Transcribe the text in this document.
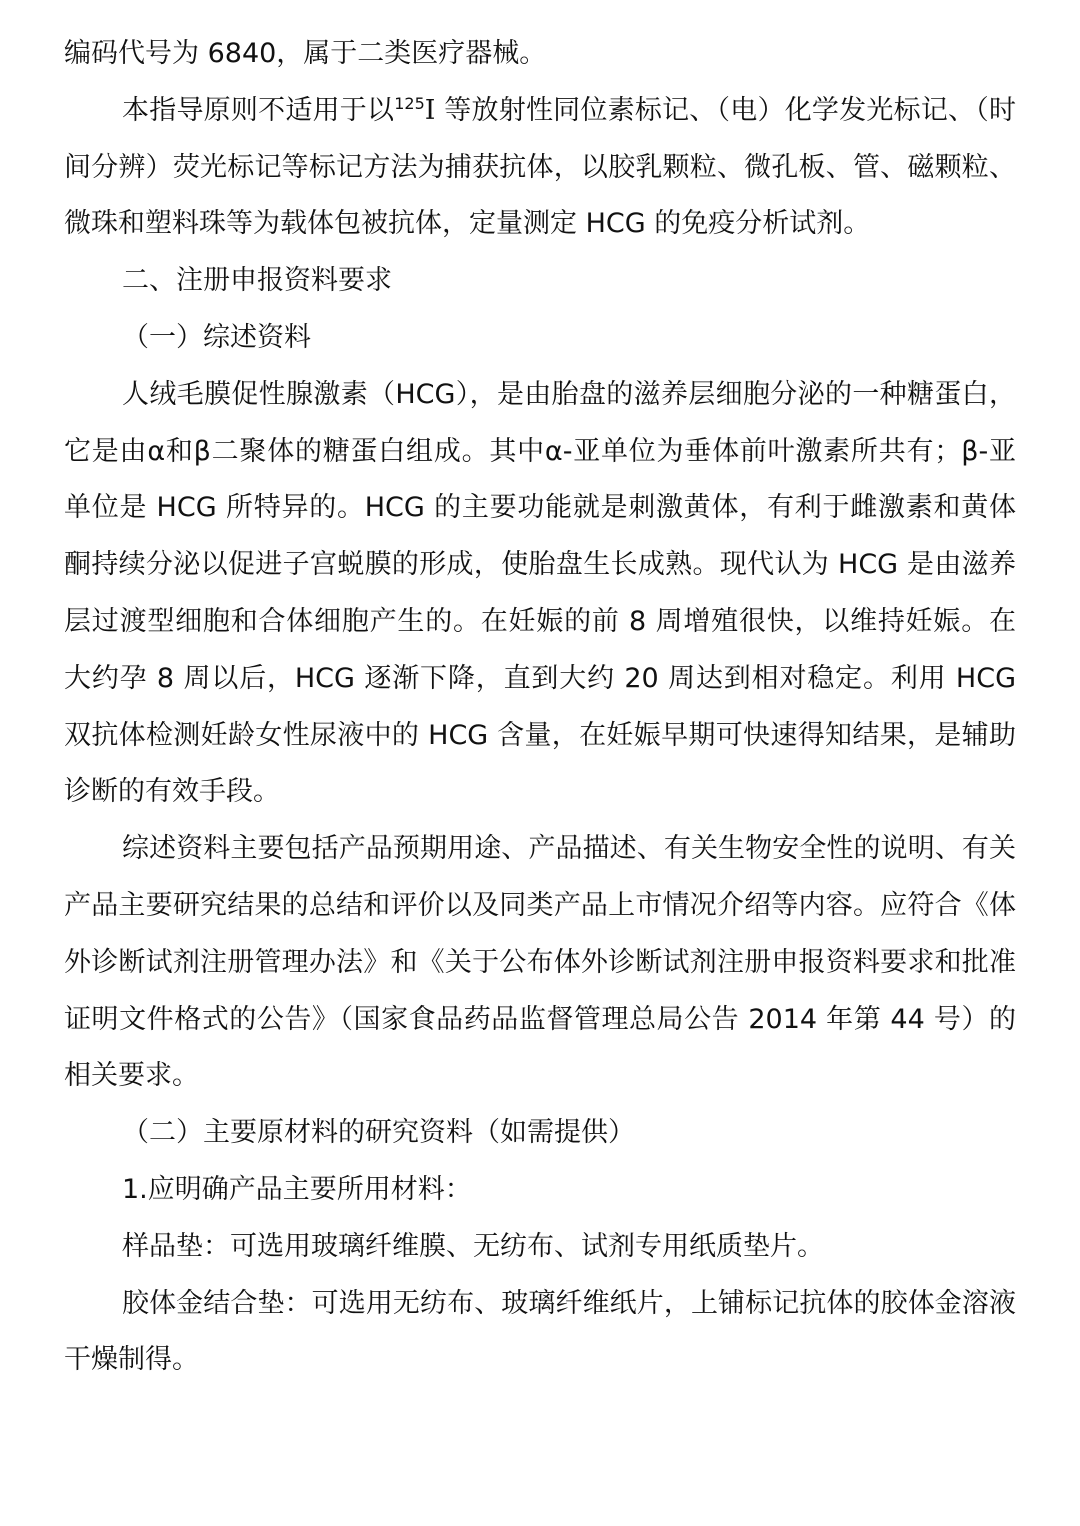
编码代号为 6840，属于二类医疗器械。

本指导原则不适用于以$^{125}$I 等放射性同位素标记、（电）化学发光标记、（时间分辨）荧光标记等标记方法为捕获抗体，以胶乳颗粒、微孔板、管、磁颗粒、微珠和塑料珠等为载体包被抗体，定量测定 HCG 的免疫分析试剂。

二、注册申报资料要求

（一）综述资料

人绒毛膜促性腺激素（HCG），是由胎盘的滋养层细胞分泌的一种糖蛋白，它是由α和β二聚体的糖蛋白组成。其中α-亚单位为垂体前叶激素所共有；β-亚单位是 HCG 所特异的。HCG 的主要功能就是刺激黄体，有利于雌激素和黄体酮持续分泌以促进子宫蜕膜的形成，使胎盘生长成熟。现代认为 HCG 是由滋养层过渡型细胞和合体细胞产生的。在妊娠的前 8 周增殖很快，以维持妊娠。在大约孕 8 周以后，HCG 逐渐下降，直到大约 20 周达到相对稳定。利用 HCG 双抗体检测妊龄女性尿液中的 HCG 含量，在妊娠早期可快速得知结果，是辅助诊断的有效手段。

综述资料主要包括产品预期用途、产品描述、有关生物安全性的说明、有关产品主要研究结果的总结和评价以及同类产品上市情况介绍等内容。应符合《体外诊断试剂注册管理办法》和《关于公布体外诊断试剂注册申报资料要求和批准证明文件格式的公告》（国家食品药品监督管理总局公告 2014 年第 44 号）的相关要求。

（二）主要原材料的研究资料（如需提供）

1.应明确产品主要所用材料：

样品垫：可选用玻璃纤维膜、无纺布、试剂专用纸质垫片。

胶体金结合垫：可选用无纺布、玻璃纤维纸片，上铺标记抗体的胶体金溶液干燥制得。
